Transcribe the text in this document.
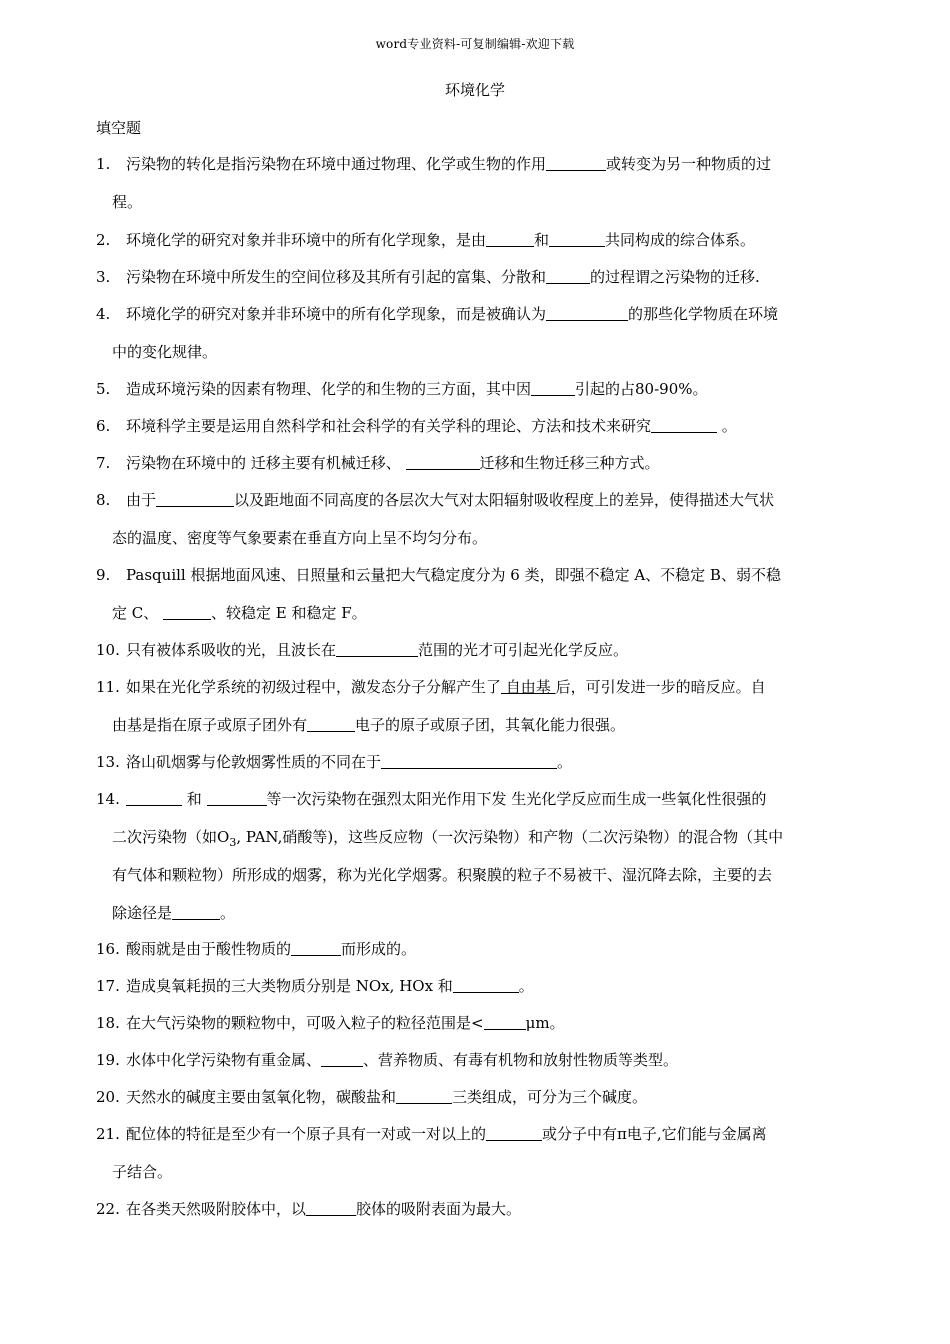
word专业资料-可复制编辑-欢迎下载
环境化学
填空题
1. 污染物的转化是指污染物在环境中通过物理、化学或生物的作用	或转变为另一种物质的过
程。
2. 环境化学的研究对象并非环境中的所有化学现象，是由	和	共同构成的综合体系。
3. 污染物在环境中所发生的空间位移及其所有引起的富集、分散和	的过程谓之污染物的迁移.
4. 环境化学的研究对象并非环境中的所有化学现象，而是被确认为	的那些化学物质在环境
中的变化规律。
5. 造成环境污染的因素有物理、化学的和生物的三方面，其中因	引起的占80-90%。
6. 环境科学主要是运用自然科学和社会科学的有关学科的理论、方法和技术来研究	。
7. 污染物在环境中的 迁移主要有机械迁移、	迁移和生物迁移三种方式。
8. 由于	以及距地面不同高度的各层次大气对太阳辐射吸收程度上的差异，使得描述大气状
态的温度、密度等气象要素在垂直方向上呈不均匀分布。
9. Pasquill 根据地面风速、日照量和云量把大气稳定度分为 6 类，即强不稳定 A、不稳定 B、弱不稳
定 C、	、较稳定 E 和稳定 F。
10. 只有被体系吸收的光，且波长在	范围的光才可引起光化学反应。
11. 如果在光化学系统的初级过程中，激发态分子分解产生了 自由基 后，可引发进一步的暗反应。自
由基是指在原子或原子团外有	电子的原子或原子团，其氧化能力很强。
13. 洛山矶烟雾与伦敦烟雾性质的不同在于	。
14.	和	等一次污染物在强烈太阳光作用下发 生光化学反应而生成一些氧化性很强的
二次污染物（如$O_3$, PAN,硝酸等)，这些反应物（一次污染物）和产物（二次污染物）的混合物（其中
有气体和颗粒物）所形成的烟雾，称为光化学烟雾。积聚膜的粒子不易被干、湿沉降去除，主要的去
除途径是	。
16. 酸雨就是由于酸性物质的	而形成的。
17. 造成臭氧耗损的三大类物质分别是 NOx, HOx 和	。
18. 在大气污染物的颗粒物中，可吸入粒子的粒径范围是<	μm。
19. 水体中化学污染物有重金属、	、营养物质、有毒有机物和放射性物质等类型。
20. 天然水的碱度主要由氢氧化物，碳酸盐和	三类组成，可分为三个碱度。
21. 配位体的特征是至少有一个原子具有一对或一对以上的	或分子中有π电子,它们能与金属离
子结合。
22. 在各类天然吸附胶体中，以	胶体的吸附表面为最大。
